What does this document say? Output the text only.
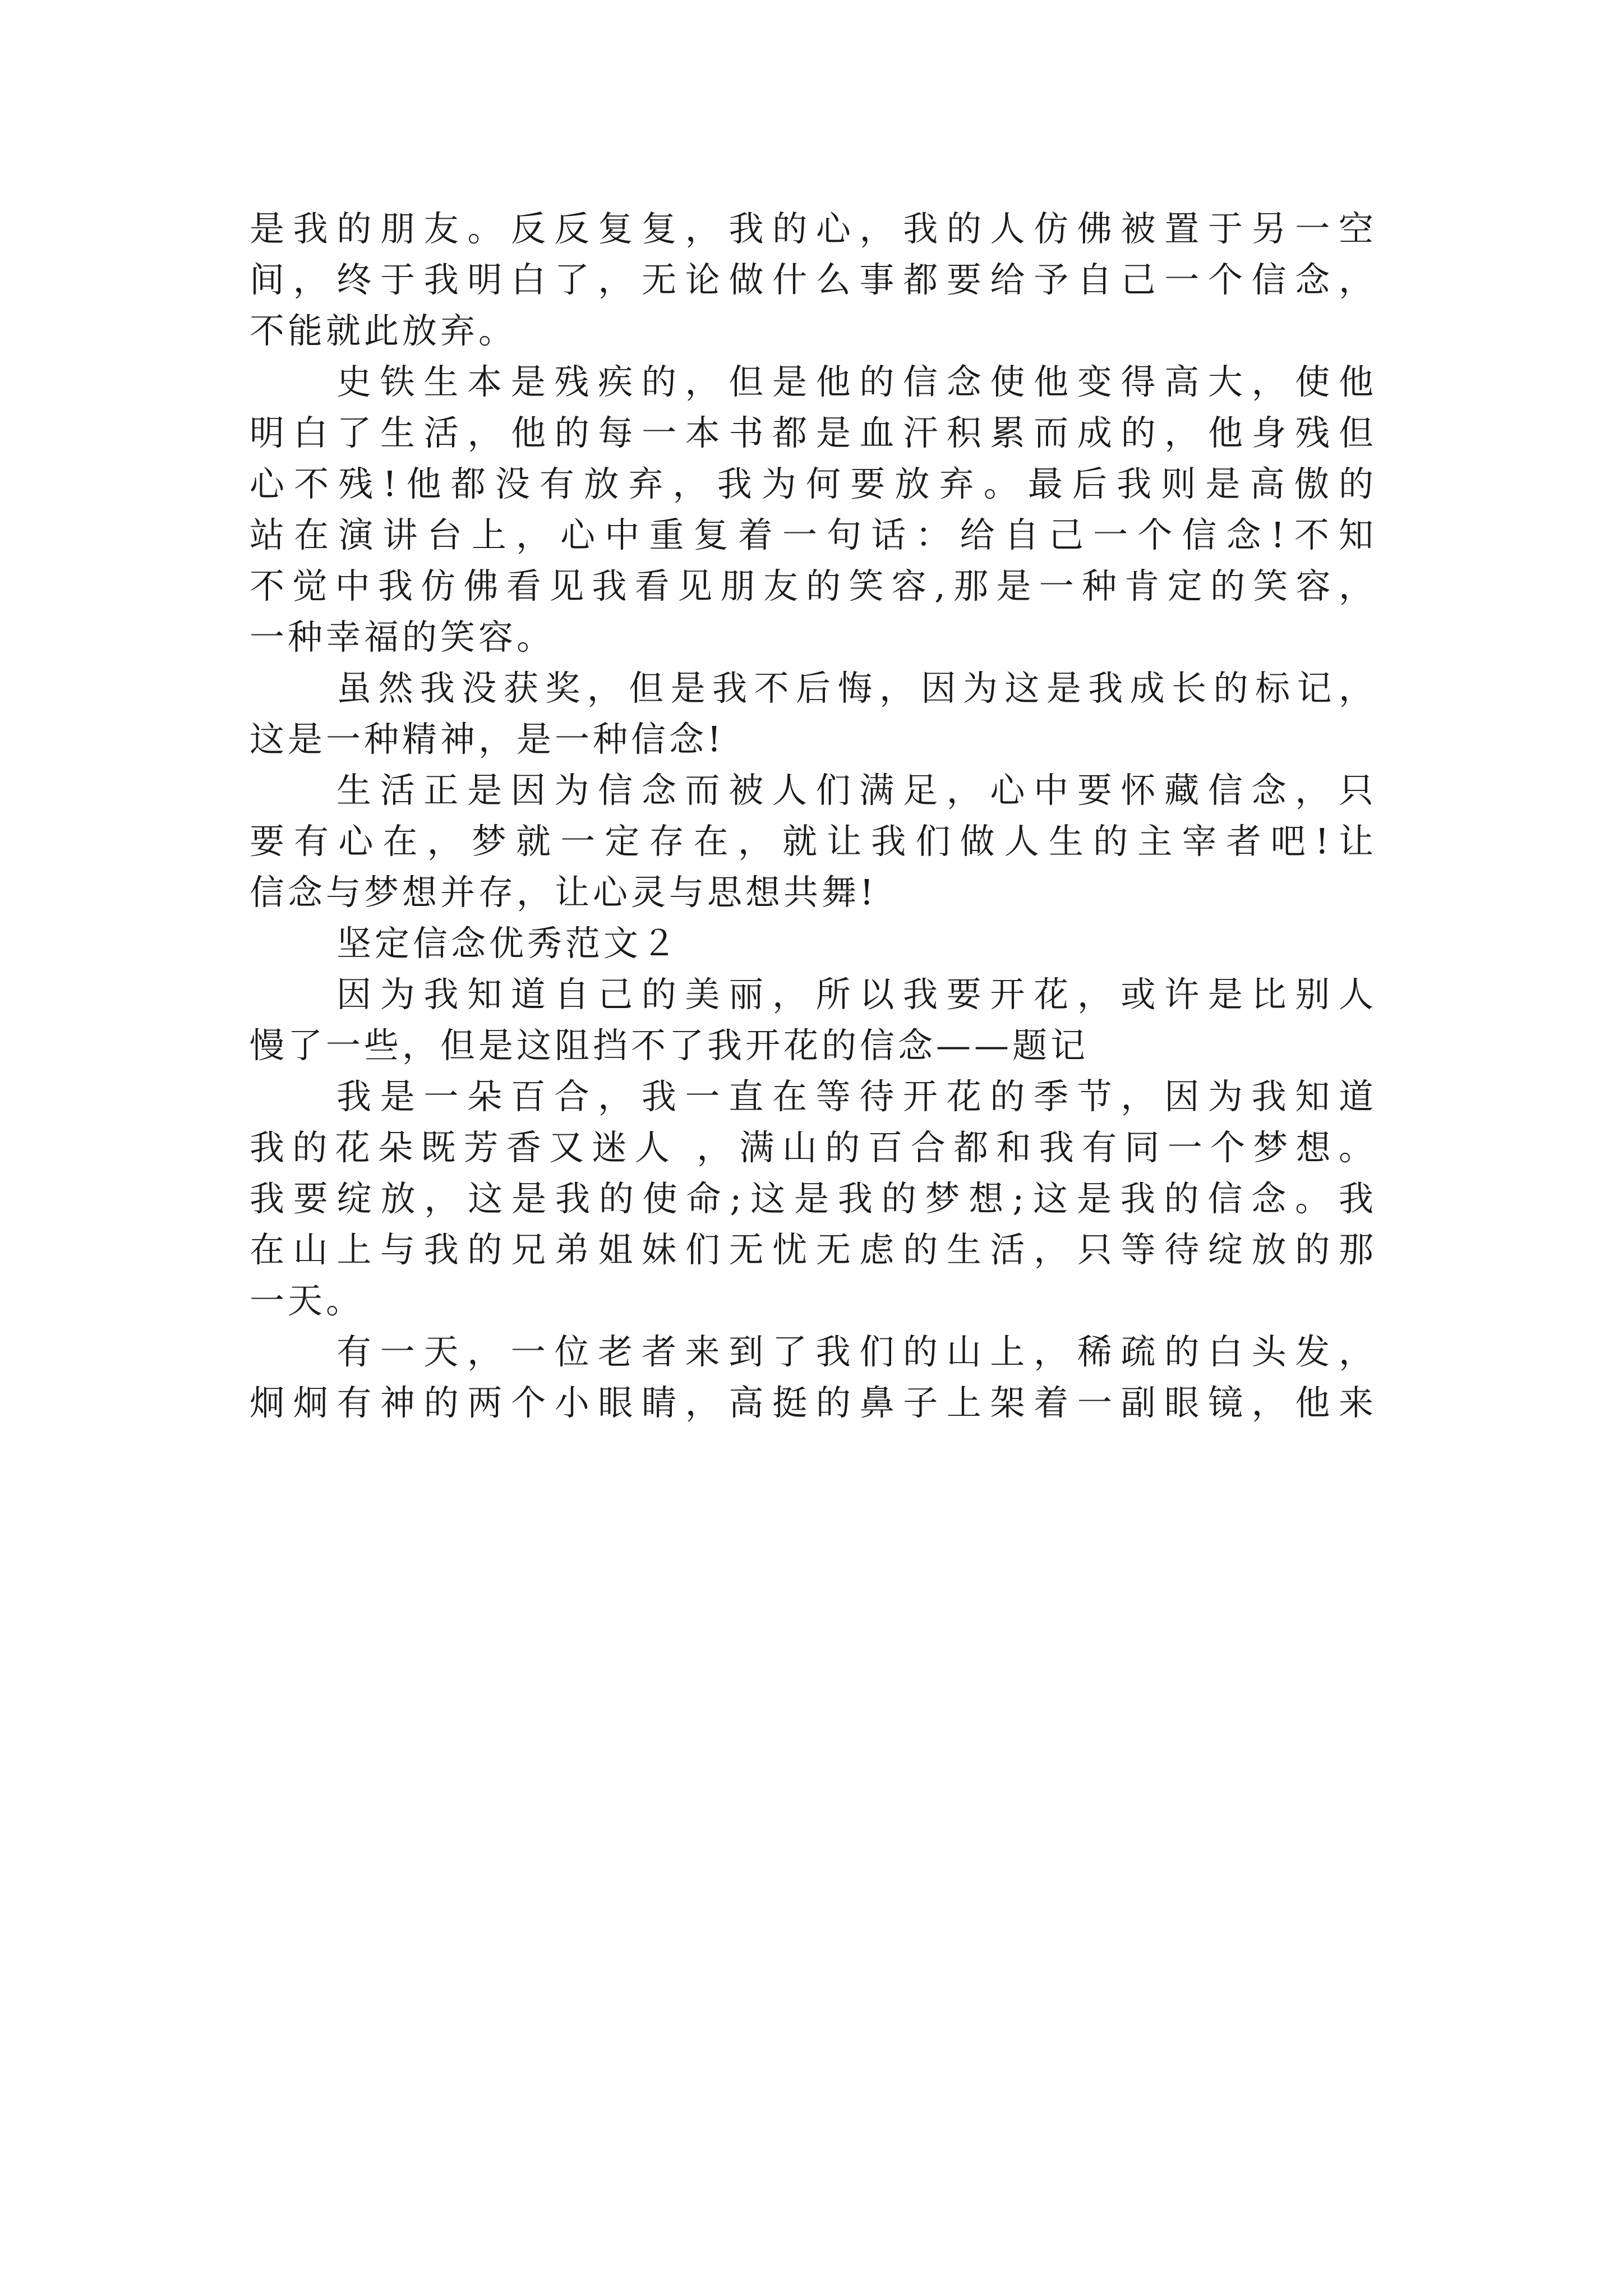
是我的朋友。反反复复，我的心，我的人仿佛被置于另一空
间，终于我明白了，无论做什么事都要给予自己一个信念，
不能就此放弃。
史铁生本是残疾的，但是他的信念使他变得高大，使他
明白了生活，他的每一本书都是血汗积累而成的，他身残但
心不残!他都没有放弃，我为何要放弃。最后我则是高傲的
站在演讲台上，心中重复着一句话：给自己一个信念!不知
不觉中我仿佛看见我看见朋友的笑容,那是一种肯定的笑容，
一种幸福的笑容。
虽然我没获奖，但是我不后悔，因为这是我成长的标记，
这是一种精神，是一种信念!
生活正是因为信念而被人们满足，心中要怀藏信念，只
要有心在，梦就一定存在，就让我们做人生的主宰者吧!让
信念与梦想并存，让心灵与思想共舞!
坚定信念优秀范文２
因为我知道自己的美丽，所以我要开花，或许是比别人
慢了一些，但是这阻挡不了我开花的信念——题记
我是一朵百合，我一直在等待开花的季节，因为我知道
我的花朵既芳香又迷人 ，满山的百合都和我有同一个梦想。
我要绽放，这是我的使命;这是我的梦想;这是我的信念。我
在山上与我的兄弟姐妹们无忧无虑的生活，只等待绽放的那
一天。
有一天，一位老者来到了我们的山上，稀疏的白头发，
炯炯有神的两个小眼睛，高挺的鼻子上架着一副眼镜，他来
